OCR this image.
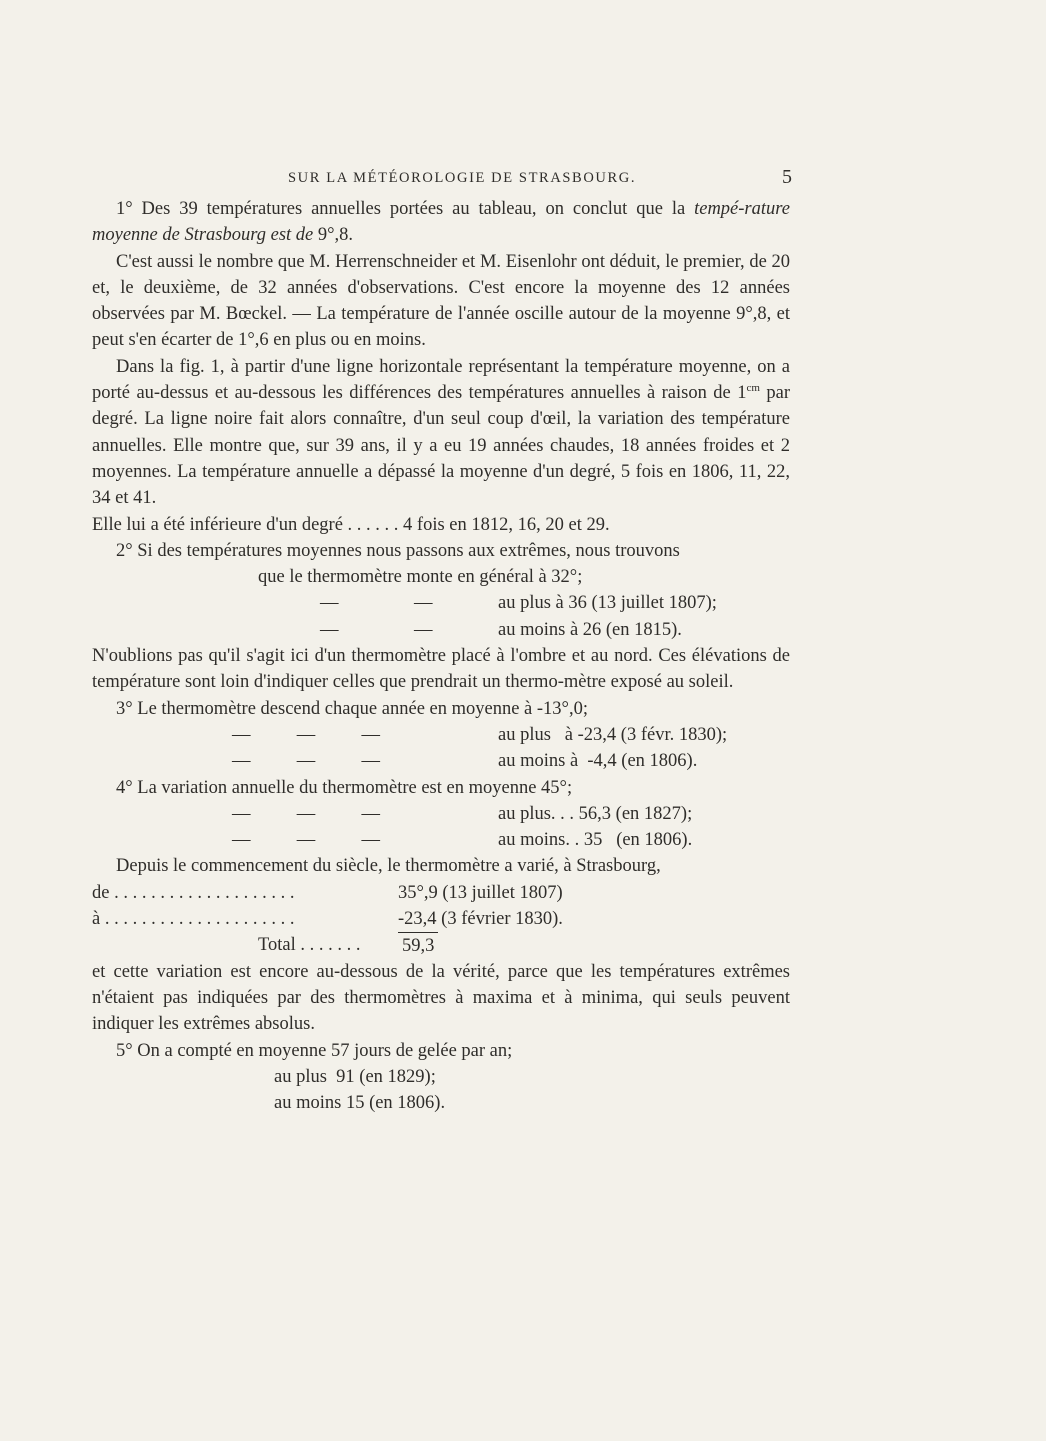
SUR LA MÉTÉOROLOGIE DE STRASBOURG.	5

1° Des 39 températures annuelles portées au tableau, on conclut que la tempé-rature moyenne de Strasbourg est de 9°,8.

C'est aussi le nombre que M. Herrenschneider et M. Eisenlohr ont déduit, le premier, de 20 et, le deuxième, de 32 années d'observations. C'est encore la moyenne des 12 années observées par M. Bœckel. — La température de l'année oscille autour de la moyenne 9°,8, et peut s'en écarter de 1°,6 en plus ou en moins.

Dans la fig. 1, à partir d'une ligne horizontale représentant la température moyenne, on a porté au-dessus et au-dessous les différences des températures annuelles à raison de $1^{cm}$ par degré. La ligne noire fait alors connaître, d'un seul coup d'œil, la variation des température annuelles. Elle montre que, sur 39 ans, il y a eu 19 années chaudes, 18 années froides et 2 moyennes. La température annuelle a dépassé la moyenne d'un degré, 5 fois en 1806, 11, 22, 34 et 41.

Elle lui a été inférieure d'un degré . . . . . . 4 fois en 1812, 16, 20 et 29.

2° Si des températures moyennes nous passons aux extrêmes, nous trouvons

que le thermomètre monte en général à 32°;
—	—	au plus à 36 (13 juillet 1807);
—	—	au moins à 26 (en 1815).

N'oublions pas qu'il s'agit ici d'un thermomètre placé à l'ombre et au nord. Ces élévations de température sont loin d'indiquer celles que prendrait un thermo-mètre exposé au soleil.

3° Le thermomètre descend chaque année en moyenne à -13°,0;

—          —          —	au plus   à -23,4 (3 févr. 1830);
—          —          —	au moins à  -4,4 (en 1806).

4° La variation annuelle du thermomètre est en moyenne 45°;

—          —          —	au plus. . . 56,3 (en 1827);
—          —          —	au moins. . 35   (en 1806).

Depuis le commencement du siècle, le thermomètre a varié, à Strasbourg,

de . . . . . . . . . . . . . . . . . . . .	35°,9 (13 juillet 1807)
à . . . . . . . . . . . . . . . . . . . . .	-23,4 (3 février 1830).
Total . . . . . . . 59,3

et cette variation est encore au-dessous de la vérité, parce que les températures extrêmes n'étaient pas indiquées par des thermomètres à maxima et à minima, qui seuls peuvent indiquer les extrêmes absolus.

5° On a compté en moyenne 57 jours de gelée par an;

au plus  91 (en 1829);
au moins 15 (en 1806).
